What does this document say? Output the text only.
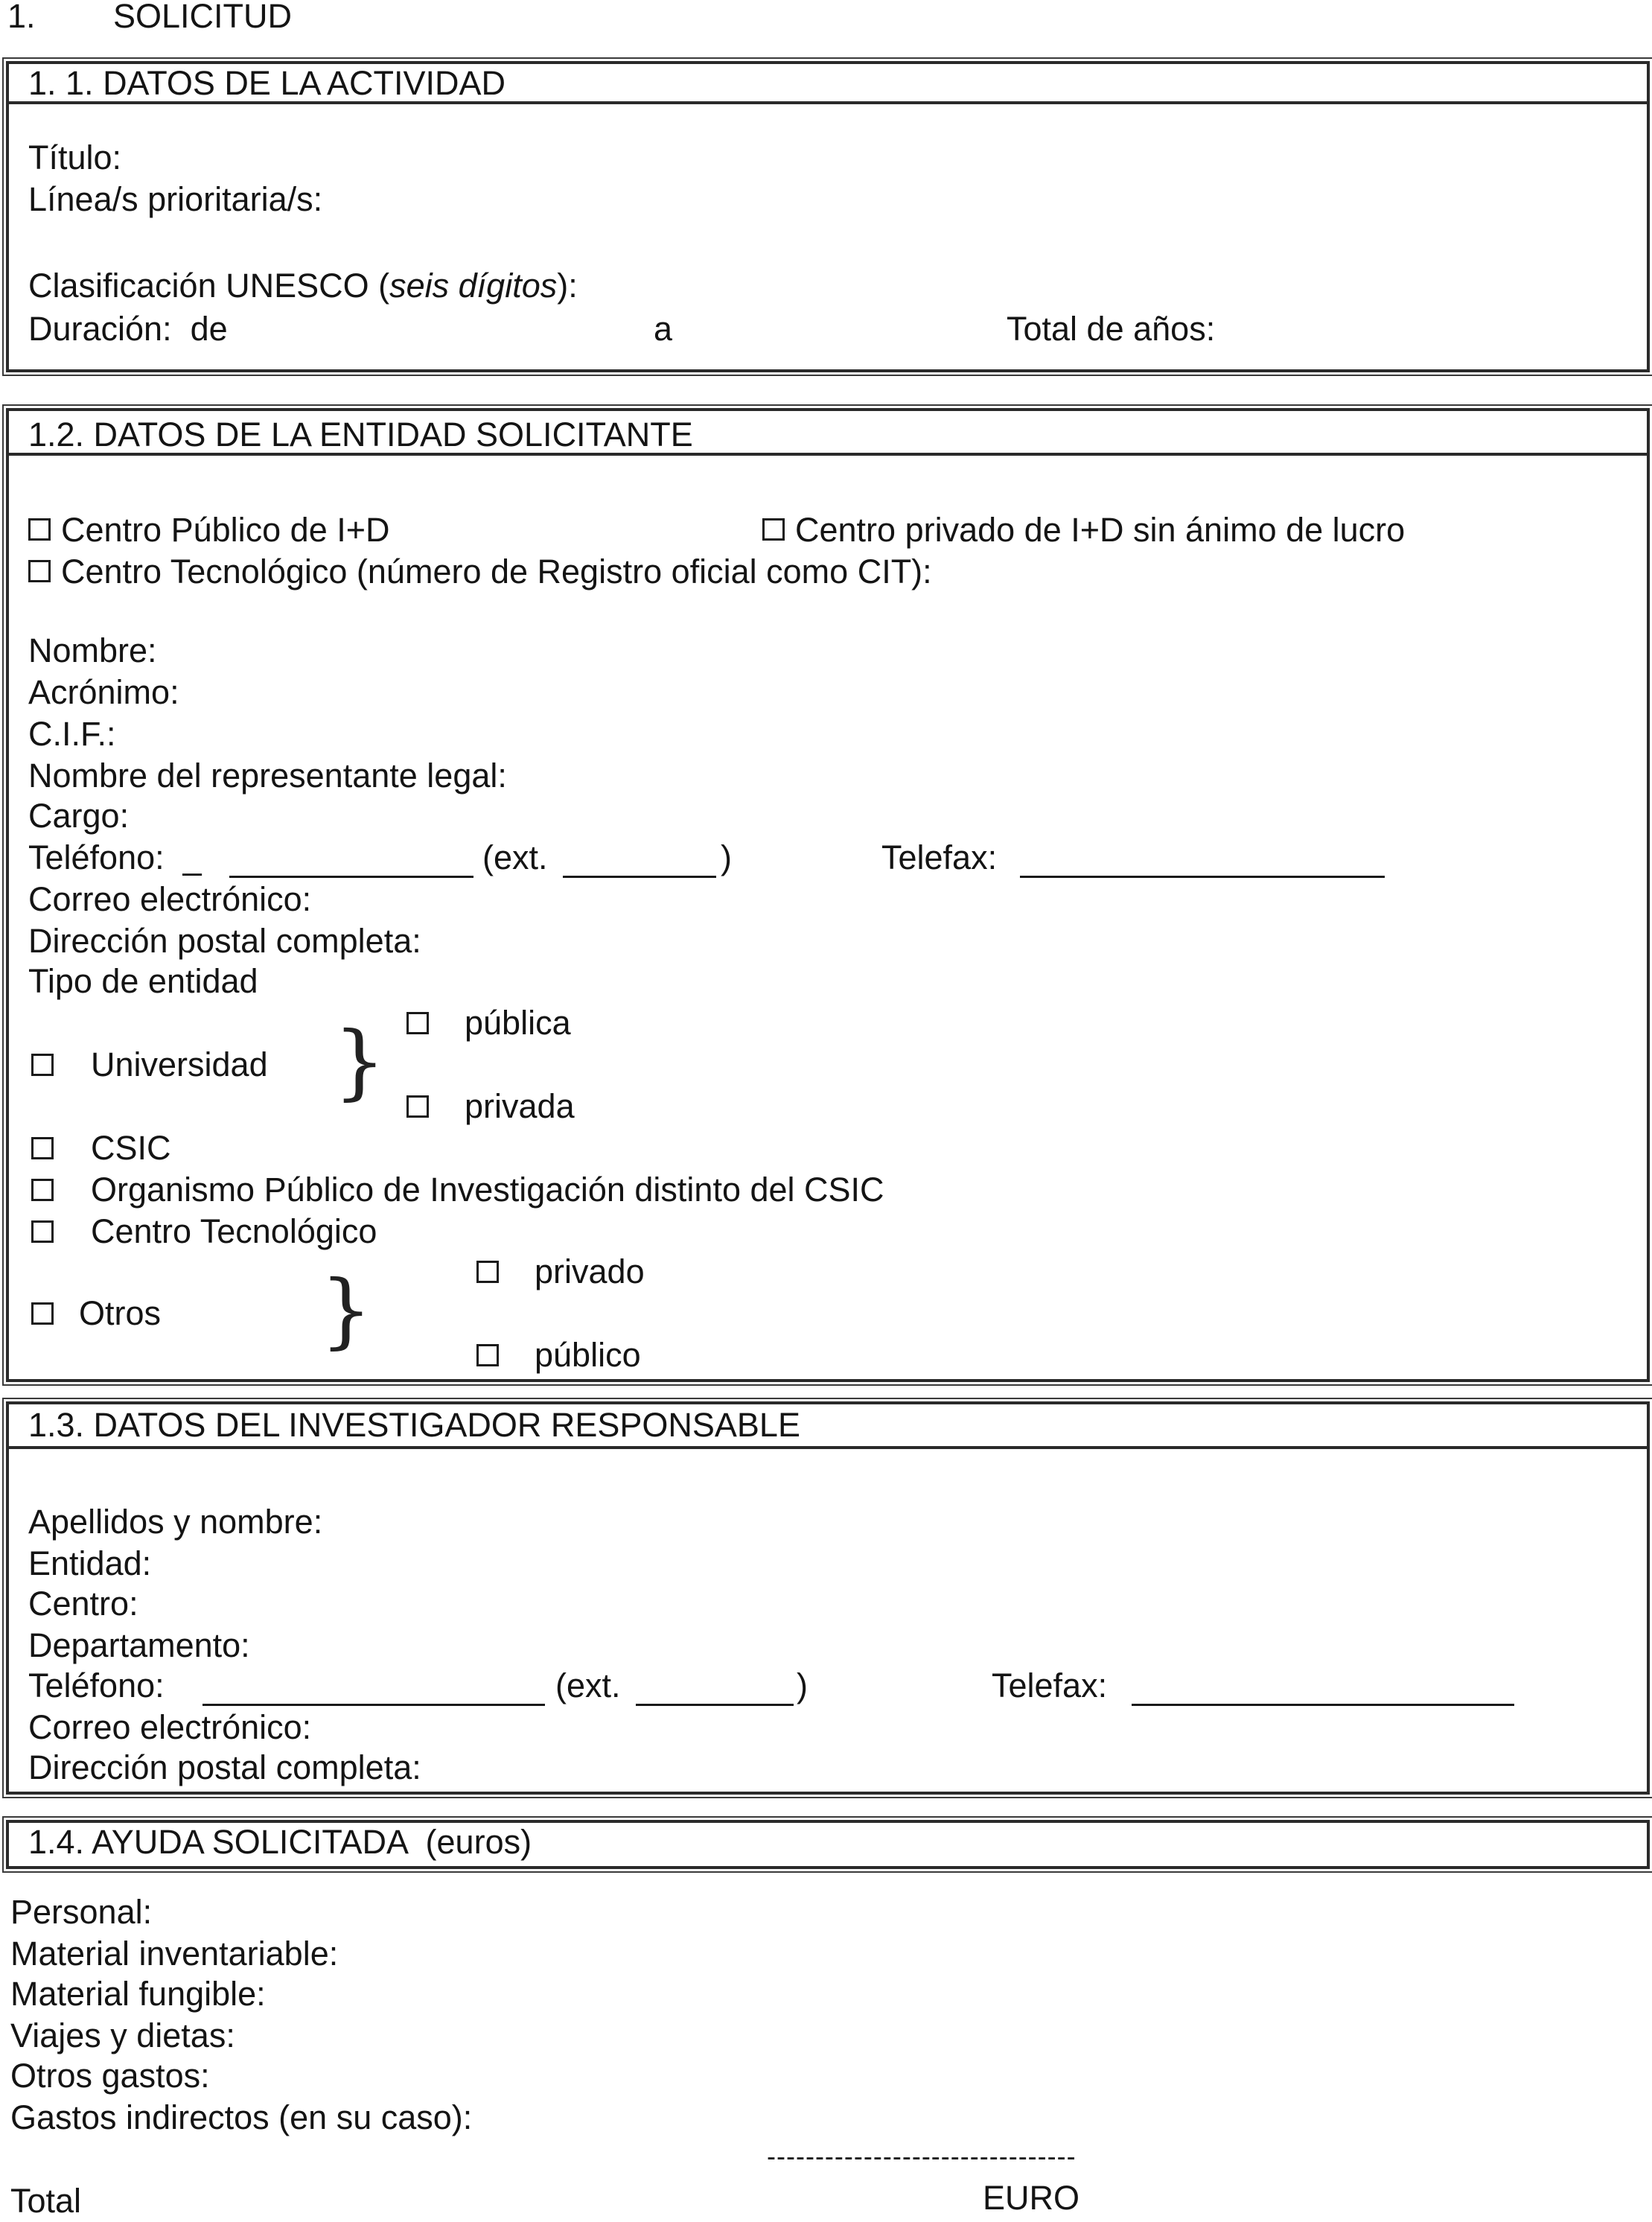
1. SOLICITUD
1. 1. DATOS DE LA ACTIVIDAD
Título:
Línea/s prioritaria/s:
Clasificación UNESCO (seis dígitos):
Duración:  de	a	Total de años:
1.2. DATOS DE LA ENTIDAD SOLICITANTE
Centro Público de I+D	Centro privado de I+D sin ánimo de lucro
Centro Tecnológico (número de Registro oficial como CIT):
Nombre:
Acrónimo:
C.I.F.:
Nombre del representante legal:
Cargo:
Teléfono:  _	(ext.	)	Telefax:
Correo electrónico:
Dirección postal completa:
Tipo de entidad
Universidad } pública
privada
CSIC
Organismo Público de Investigación distinto del CSIC
Centro Tecnológico
Otros }	privado
público
1.3. DATOS DEL INVESTIGADOR RESPONSABLE
Apellidos y nombre:
Entidad:
Centro:
Departamento:
Teléfono:	(ext.	)	Telefax:
Correo electrónico:
Dirección postal completa:
1.4. AYUDA SOLICITADA  (euros)
Personal:
Material inventariable:
Material fungible:
Viajes y dietas:
Otros gastos:
Gastos indirectos (en su caso):
--------------------------------
Total	EURO
